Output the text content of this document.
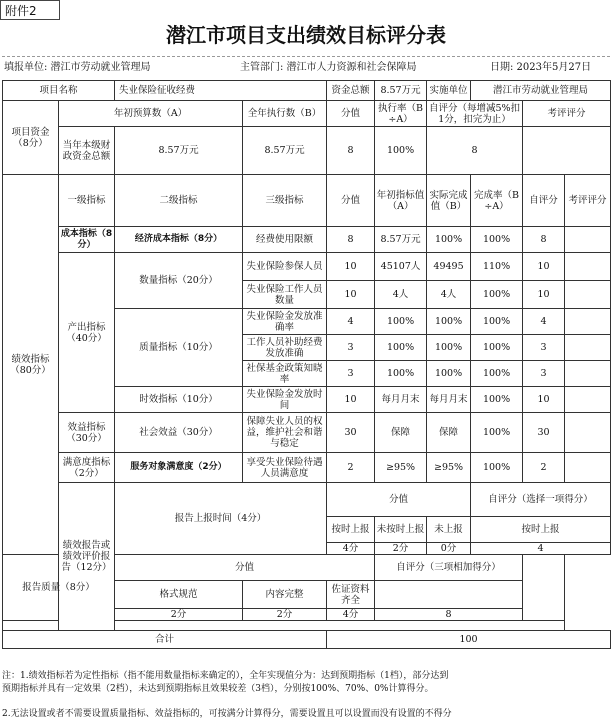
附件2
潜江市项目支出绩效目标评分表
填报单位: 潜江市劳动就业管理局	主管部门: 潜江市人力资源和社会保障局	日期: 2023年5月27日
项目名称		失业保险征收经费		资金总额	8.57万元	实施单位	潜江市劳动就业管理局			
项目资金（8分）	年初预算数（A）		全年执行数（B）	分值	执行率（B÷A）	自评分（每增减5%扣1分，扣完为止）		考评评分		
	当年本级财政资金总额	8.57万元	8.57万元	8	100%	8				
绩效指标（80分）	一级指标	二级指标	三级指标	分值	年初指标值（A）	实际完成值（B）	完成率（B÷A）	自评分	考评评分	
	成本指标（8分）	经济成本指标（8分）	经费使用限额	8	8.57万元	100%	100%	8		
	产出指标（40分）	数量指标（20分）	失业保险参保人员	10	45107人	49495	110%	10		
			失业保险工作人员数量	10	4人	4人	100%	10		
		质量指标（10分）	失业保险金发放准确率	4	100%	100%	100%	4		
			工作人员补助经费发放准确	3	100%	100%	100%	3		
			社保基金政策知晓率	3	100%	100%	100%	3		
		时效指标（10分）	失业保险金发放时间	10	每月月末	每月月末	100%	10		
	效益指标（30分）	社会效益（30分）	保障失业人员的权益，维护社会和谐与稳定	30	保障	保障	100%	30		
	满意度指标（2分）	服务对象满意度（2分）	享受失业保险待遇人员满意度	2	≥95%	≥95%	100%	2		
	绩效报告或绩效评价报告（12分）	报告上报时间（4分）		分值			自评分（选择一项得分）	
				按时上报	未按时上报	未上报	按时上报			
				4分	2分	0分	4			
报告质量（8分）		分值			自评分（三项相加得分）					
		格式规范	内容完整	佐证资料齐全						
		2分	2分	4分	8					

合计				100						
注：1.绩效指标若为定性指标（指不能用数量指标来确定的），全年实现值分为：达到预期指标（1档），部分达到
预期指标并具有一定效果（2档），未达到预期指标且效果较差（3档），分别按100%、70%、0%计算得分。
2.无法设置或者不需要设置质量指标、效益指标的，可按满分计算得分，需要设置且可以设置而没有设置的不得分
